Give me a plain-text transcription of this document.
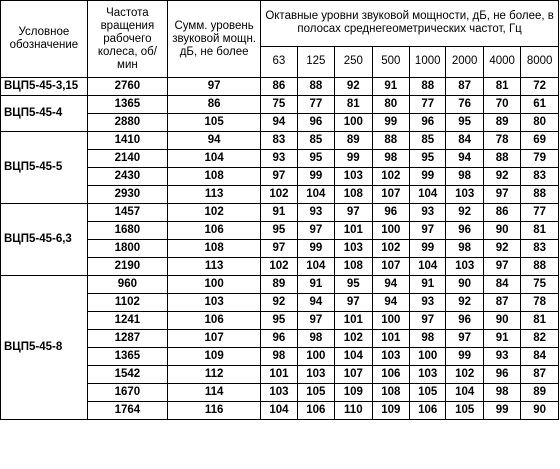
Условное обозначение	Частота вращения рабочего колеса, об/мин	Сумм. уровень звуковой мощн. дБ, не более	Октавные уровни звуковой мощности, дБ, не более, в полосах среднегеометрических частот, Гц							
			63	125	250	500	1000	2000	4000	8000
ВЦП5-45-3,15	2760	97	86	88	92	91	88	87	81	72
ВЦП5-45-4	1365	86	75	77	81	80	77	76	70	61
	2880	105	94	96	100	99	96	95	89	80
ВЦП5-45-5	1410	94	83	85	89	88	85	84	78	69
	2140	104	93	95	99	98	95	94	88	79
	2430	108	97	99	103	102	99	98	92	83
	2930	113	102	104	108	107	104	103	97	88
ВЦП5-45-6,3	1457	102	91	93	97	96	93	92	86	77
	1680	106	95	97	101	100	97	96	90	81
	1800	108	97	99	103	102	99	98	92	83
	2190	113	102	104	108	107	104	103	97	88
ВЦП5-45-8	960	100	89	91	95	94	91	90	84	75
	1102	103	92	94	97	94	93	92	87	78
	1241	106	95	97	101	100	97	96	90	81
	1287	107	96	98	102	101	98	97	91	82
	1365	109	98	100	104	103	100	99	93	84
	1542	112	101	103	107	106	103	102	96	87
	1670	114	103	105	109	108	105	104	98	89
	1764	116	104	106	110	109	106	105	99	90
